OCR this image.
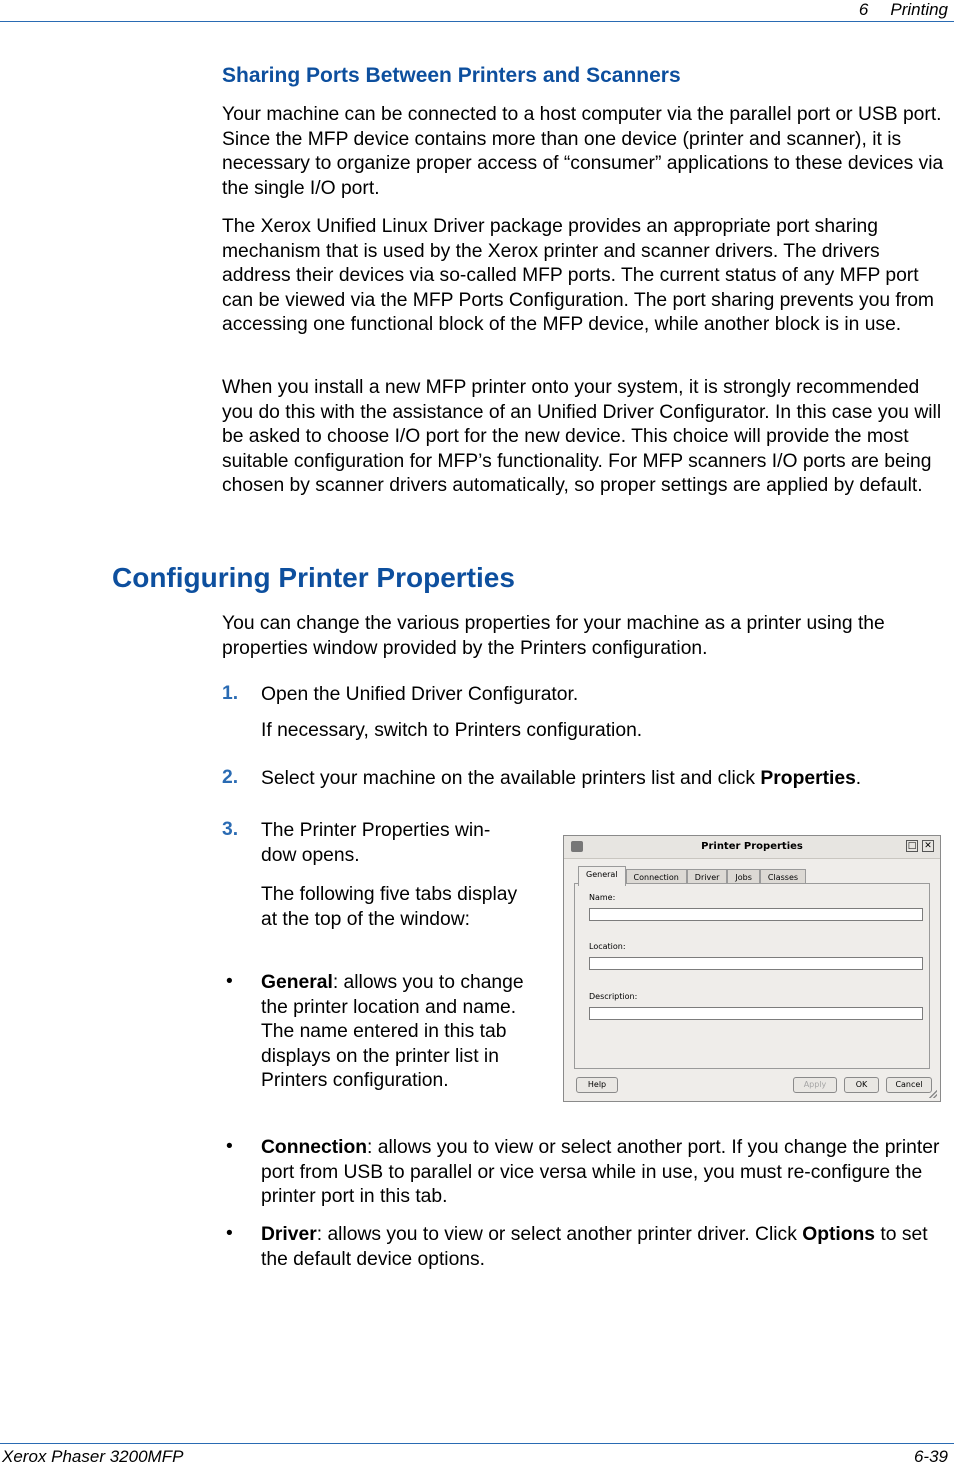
6 Printing
Sharing Ports Between Printers and Scanners

Your machine can be connected to a host computer via the parallel port or USB port. Since the MFP device contains more than one device (printer and scanner), it is necessary to organize proper access of “consumer” applications to these devices via the single I/O port.

The Xerox Unified Linux Driver package provides an appropriate port sharing mechanism that is used by the Xerox printer and scanner drivers. The drivers address their devices via so-called MFP ports. The current status of any MFP port can be viewed via the MFP Ports Configuration. The port sharing prevents you from accessing one functional block of the MFP device, while another block is in use.

When you install a new MFP printer onto your system, it is strongly recommended you do this with the assistance of an Unified Driver Configurator. In this case you will be asked to choose I/O port for the new device. This choice will provide the most suitable configuration for MFP’s functionality. For MFP scanners I/O ports are being chosen by scanner drivers automatically, so proper settings are applied by default.

Configuring Printer Properties

You can change the various properties for your machine as a printer using the properties window provided by the Printers configuration.

1. Open the Unified Driver Configurator.

If necessary, switch to Printers configuration.

2. Select your machine on the available printers list and click Properties.

3. The Printer Properties win-dow opens.

The following five tabs display at the top of the window:

• General: allows you to change the printer location and name. The name entered in this tab displays on the printer list in Printers configuration.

• Connection: allows you to view or select another port. If you change the printer port from USB to parallel or vice versa while in use, you must re-configure the printer port in this tab.

• Driver: allows you to view or select another printer driver. Click Options to set the default device options.

Printer Properties	□ ✕
General	Connection	Driver	Jobs	Classes
Name:
Location:
Description:
Help	Apply	OK	Cancel
Xerox Phaser 3200MFP	6-39
